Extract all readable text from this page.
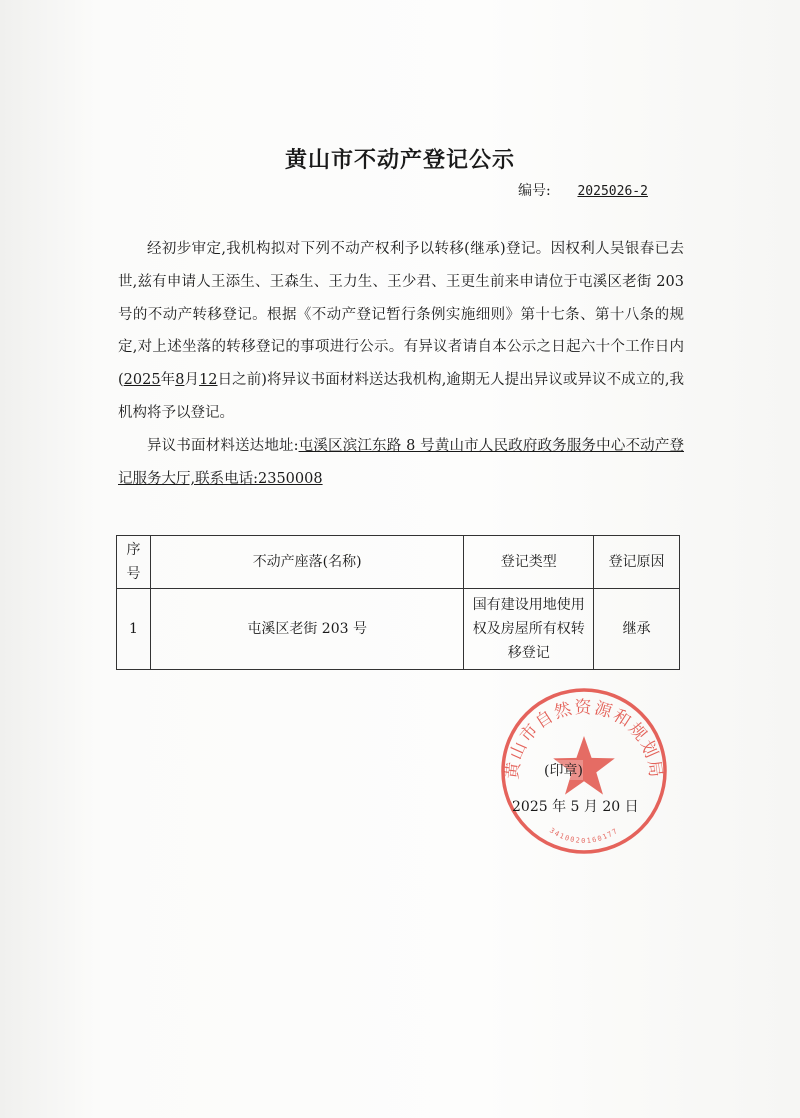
黄山市不动产登记公示
编号: 2025026-2

经初步审定,我机构拟对下列不动产权利予以转移(继承)登记。因权利人吴银春已去世,兹有申请人王添生、王森生、王力生、王少君、王更生前来申请位于屯溪区老街 203 号的不动产转移登记。根据《不动产登记暂行条例实施细则》第十七条、第十八条的规定,对上述坐落的转移登记的事项进行公示。有异议者请自本公示之日起六十个工作日内(2025年8月12日之前)将异议书面材料送达我机构,逾期无人提出异议或异议不成立的,我机构将予以登记。

异议书面材料送达地址:屯溪区滨江东路 8 号黄山市人民政府政务服务中心不动产登记服务大厅,联系电话:2350008

序号	不动产座落(名称)	登记类型	登记原因
1	屯溪区老街 203 号	国有建设用地使用权及房屋所有权转移登记	继承
黄山市自然资源和规划局
3410020160177
(印章)
2025 年 5 月 20 日
